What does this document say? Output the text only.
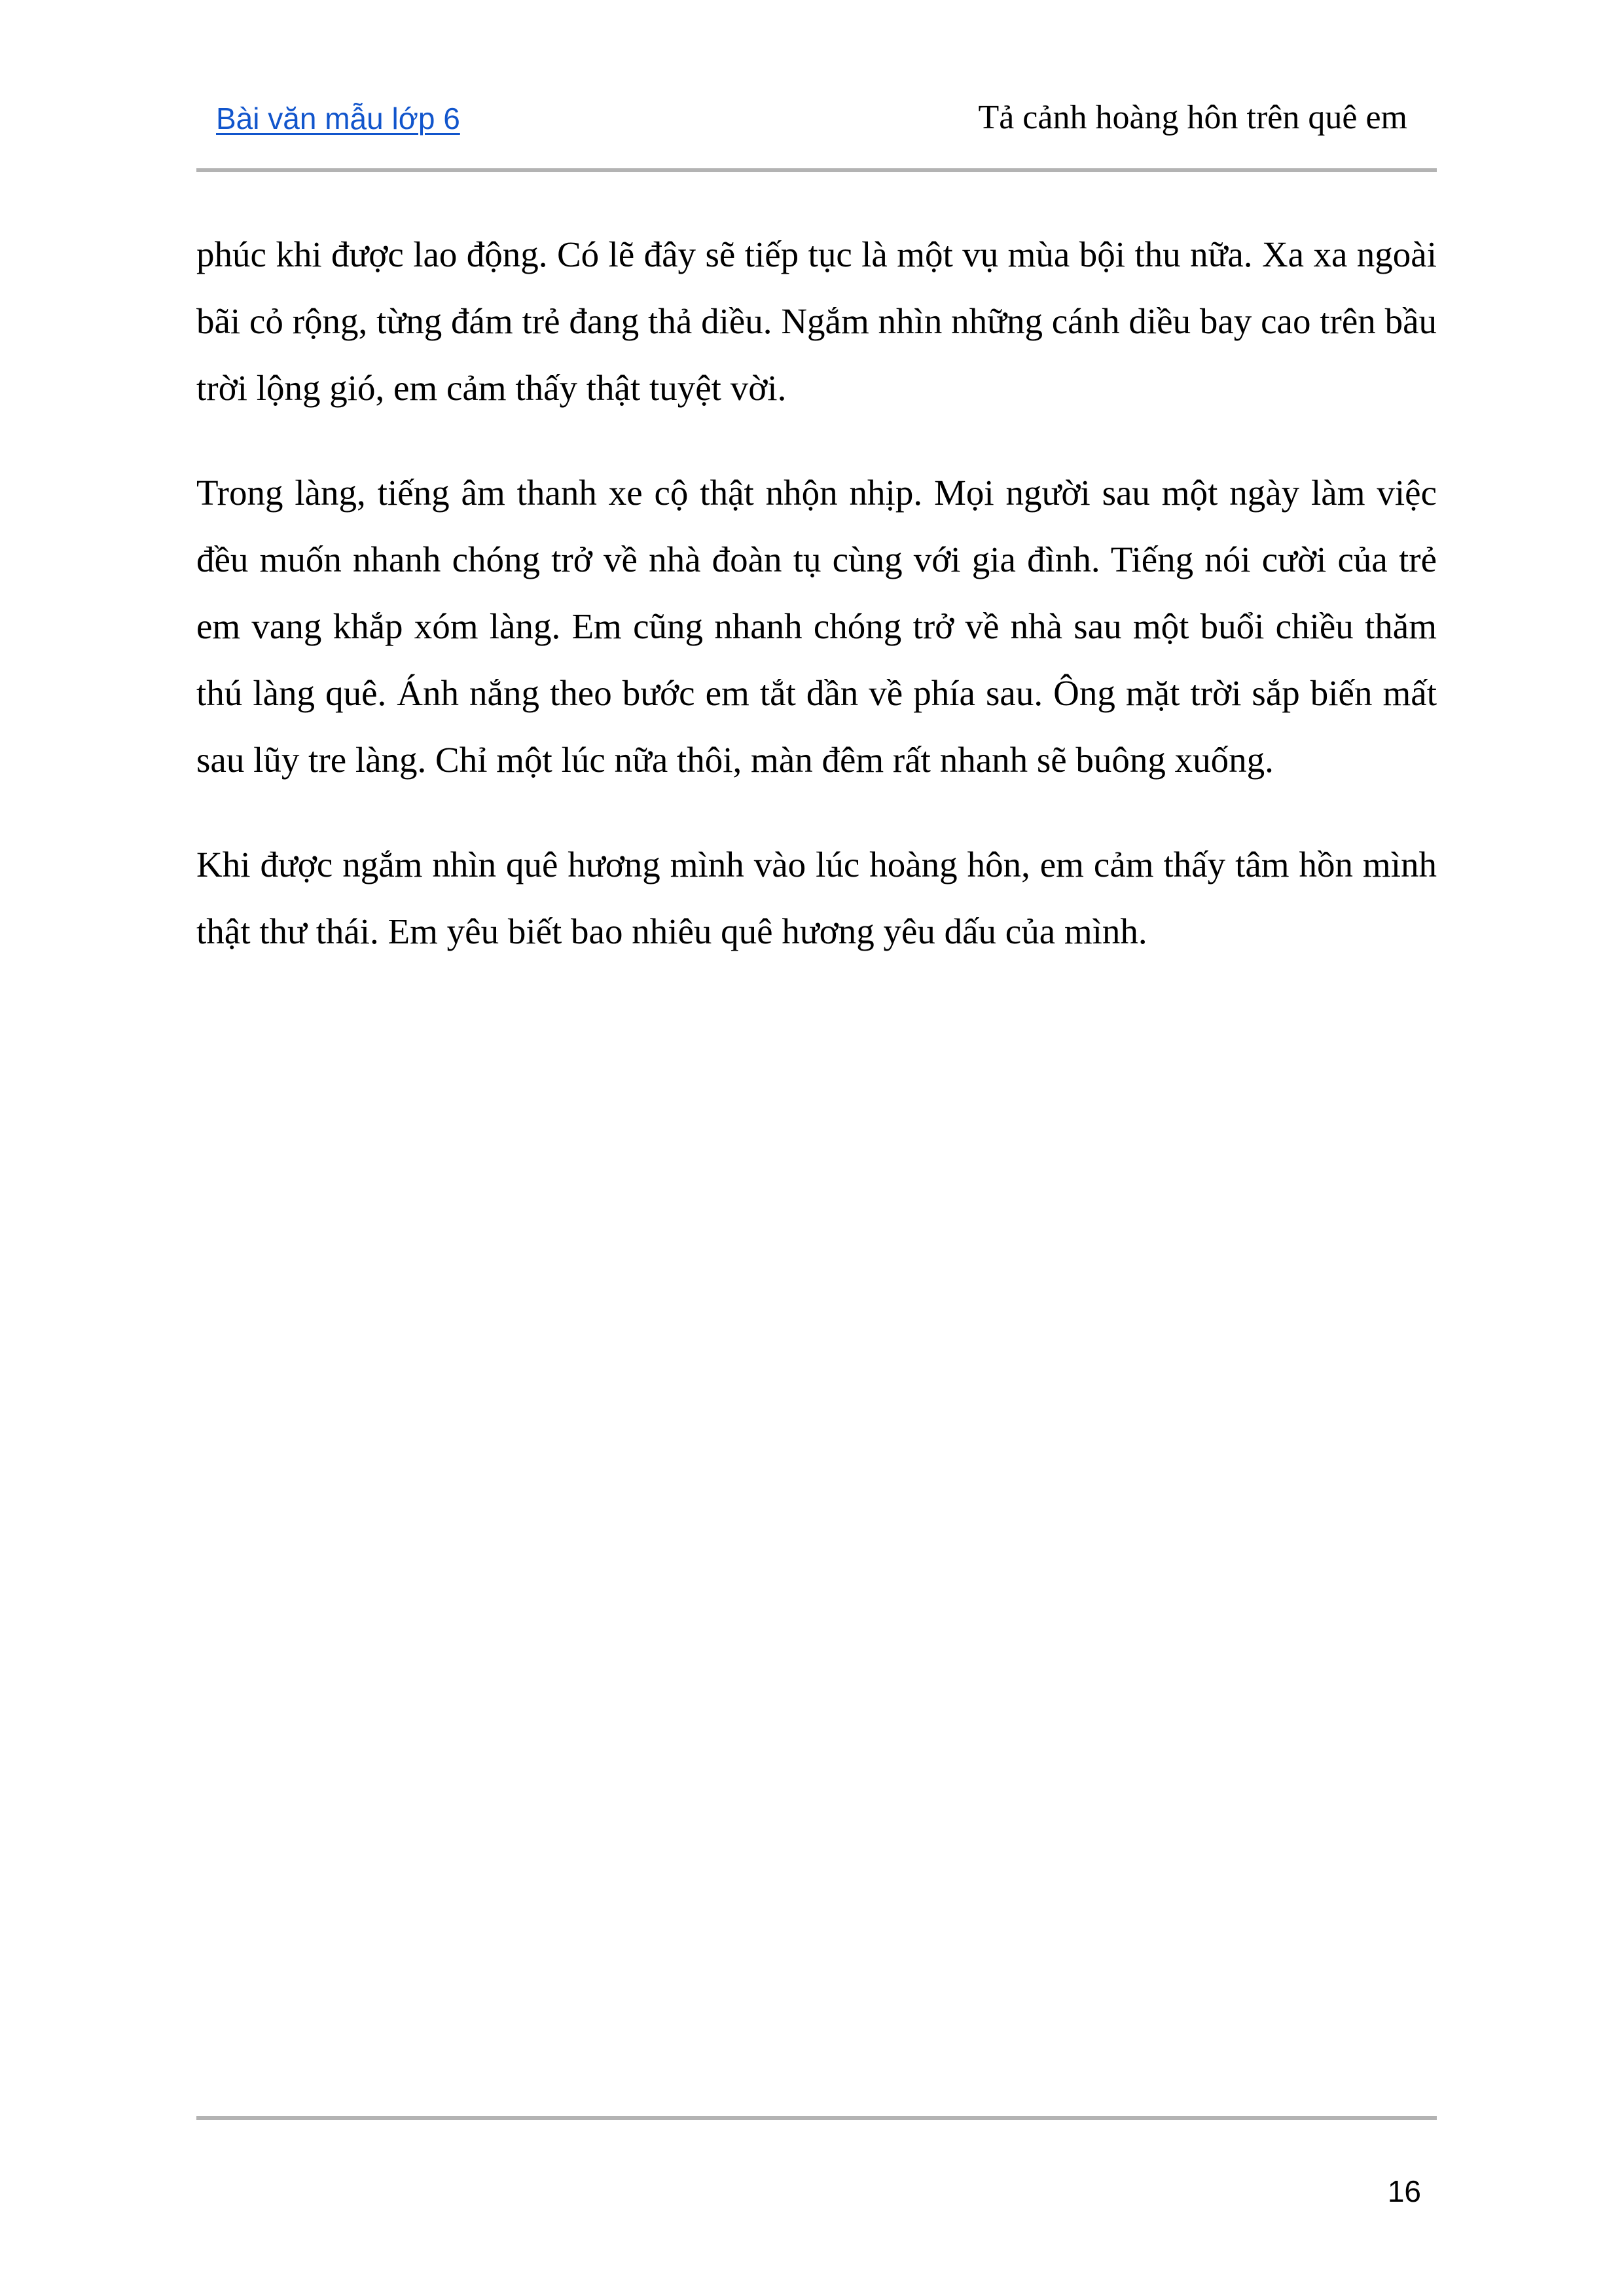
Bài văn mẫu lớp 6	Tả cảnh hoàng hôn trên quê em

phúc khi được lao động. Có lẽ đây sẽ tiếp tục là một vụ mùa bội thu nữa. Xa xa ngoài bãi cỏ rộng, từng đám trẻ đang thả diều. Ngắm nhìn những cánh diều bay cao trên bầu trời lộng gió, em cảm thấy thật tuyệt vời.

Trong làng, tiếng âm thanh xe cộ thật nhộn nhịp. Mọi người sau một ngày làm việc đều muốn nhanh chóng trở về nhà đoàn tụ cùng với gia đình. Tiếng nói cười của trẻ em vang khắp xóm làng. Em cũng nhanh chóng trở về nhà sau một buổi chiều thăm thú làng quê. Ánh nắng theo bước em tắt dần về phía sau. Ông mặt trời sắp biến mất sau lũy tre làng. Chỉ một lúc nữa thôi, màn đêm rất nhanh sẽ buông xuống.

Khi được ngắm nhìn quê hương mình vào lúc hoàng hôn, em cảm thấy tâm hồn mình thật thư thái. Em yêu biết bao nhiêu quê hương yêu dấu của mình.

16
